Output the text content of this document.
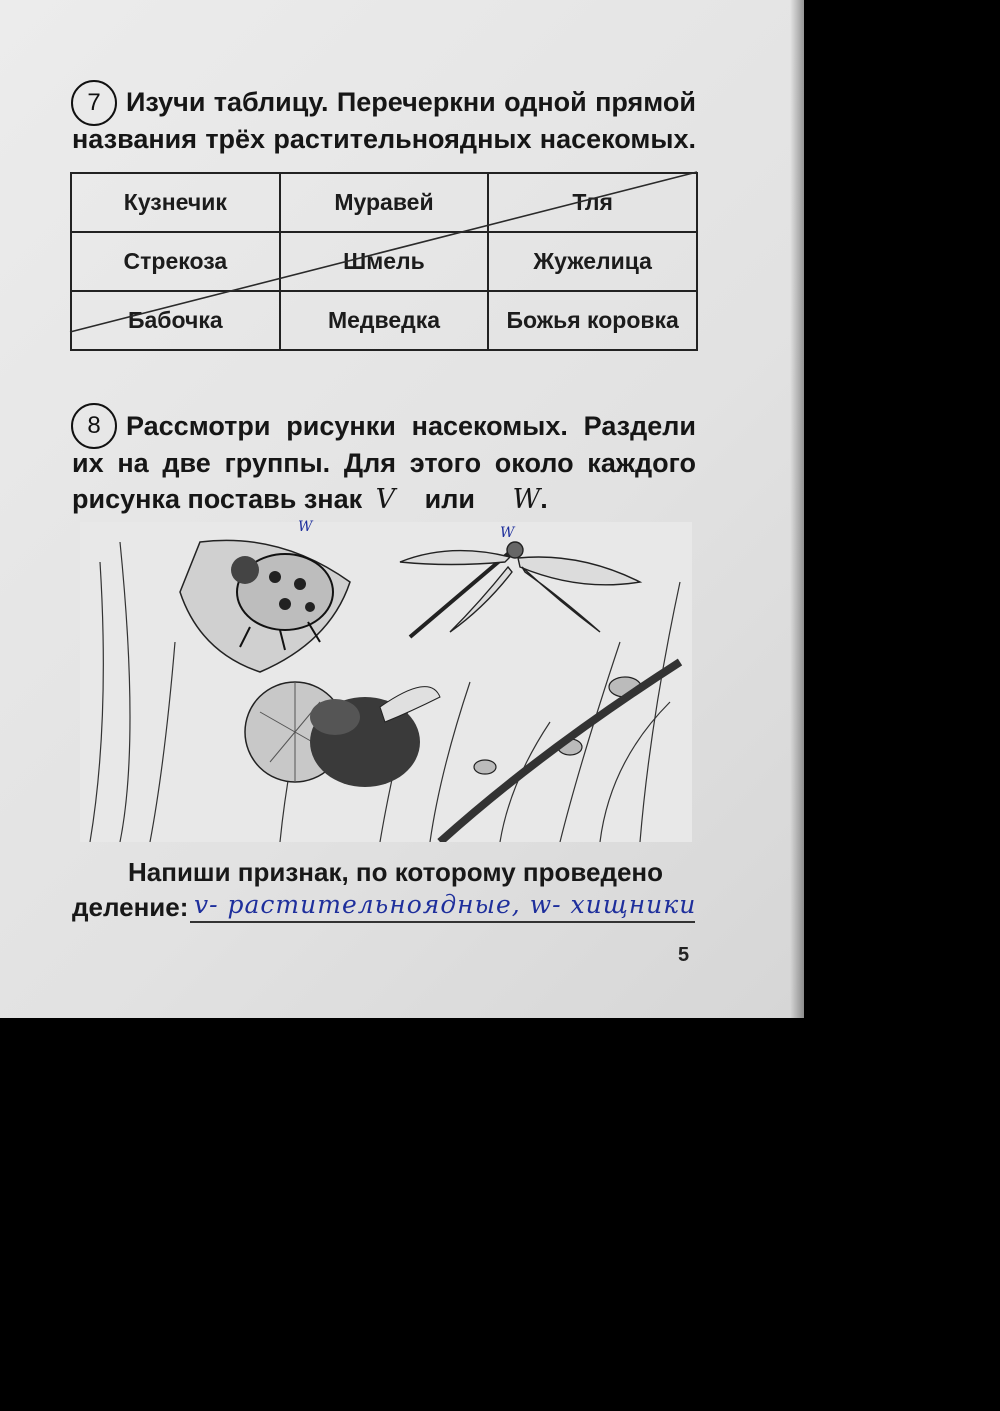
7 Изучи таблицу. Перечеркни одной прямой
названия трёх растительноядных насекомых.
Кузнечик	Муравей	Тля
Стрекоза	Шмель	Жужелица
Бабочка	Медведка	Божья коровка
8 Рассмотри рисунки насекомых. Раздели
их на две группы. Для этого около каждого
рисунка поставь знак V или W.
W	W
Напиши признак, по которому проведено
деление: v- растительноядные, w- хищники
5
